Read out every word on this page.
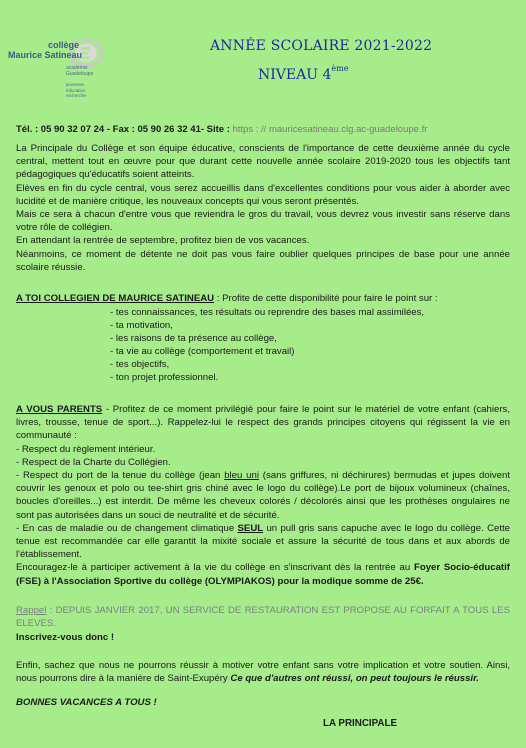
collège
Maurice Satineau
académie
Guadeloupe
jeunesse
éducation
recherche
ANNÉE SCOLAIRE 2021-2022
NIVEAU 4ème
Tél. : 05 90 32 07 24 - Fax : 05 90 26 32 41- Site : https : // mauricesatineau.clg.ac-guadeloupe.fr
La Principale du Collège et son équipe éducative, conscients de l'importance de cette deuxième année du cycle central, mettent tout en œuvre pour que durant cette nouvelle année scolaire 2019-2020 tous les objectifs tant pédagogiques qu'éducatifs soient atteints.
Elèves en fin du cycle central, vous serez accueillis dans d'excellentes conditions pour vous aider à aborder avec lucidité et de manière critique, les nouveaux concepts qui vous seront présentés.
Mais ce sera à chacun d'entre vous que reviendra le gros du travail, vous devrez vous investir sans réserve dans votre rôle de collégien.
En attendant la rentrée de septembre, profitez bien de vos vacances.
Néanmoins, ce moment de détente ne doit pas vous faire oublier quelques principes de base pour une année scolaire réussie.
A TOI COLLEGIEN DE MAURICE SATINEAU : Profite de cette disponibilité pour faire le point sur :
- tes connaissances, tes résultats ou reprendre des bases mal assimilées,
- ta motivation,
- les raisons de ta présence au collège,
- ta vie au collège (comportement et travail)
- tes objectifs,
- ton projet professionnel.
A VOUS PARENTS - Profitez de ce moment privilégié pour faire le point sur le matériel de votre enfant (cahiers, livres, trousse, tenue de sport...). Rappelez-lui le respect des grands principes citoyens qui régissent la vie en communauté :
- Respect du règlement intérieur.
- Respect de la Charte du Collégien.
- Respect du port de la tenue du collège (jean bleu uni (sans griffures, ni déchirures) bermudas et jupes doivent couvrir les genoux et polo ou tee-shirt gris chiné avec le logo du collège).Le port de bijoux volumineux (chaînes, boucles d'oreilles...) est interdit. De même les cheveux colorés / décolorés ainsi que les prothèses ongulaires ne sont pas autorisées dans un souci de neutralité et de sécurité.
- En cas de maladie ou de changement climatique SEUL un pull gris sans capuche avec le logo du collège. Cette tenue est recommandée car elle garantit la mixité sociale et assure la sécurité de tous dans et aux abords de l'établissement.
Encouragez-le à participer activement à la vie du collège en s'inscrivant dès la rentrée au Foyer Socio-éducatif (FSE) à l'Association Sportive du collège (OLYMPIAKOS) pour la modique somme de 25€.
Rappel : DEPUIS JANVIER 2017, UN SERVICE DE RESTAURATION EST PROPOSE AU FORFAIT A TOUS LES ELEVES.
Inscrivez-vous donc !
Enfin, sachez que nous ne pourrons réussir à motiver votre enfant sans votre implication et votre soutien. Ainsi, nous pourrons dire à la manière de Saint-Exupéry Ce que d'autres ont réussi, on peut toujours le réussir.
BONNES VACANCES A TOUS !
LA PRINCIPALE
